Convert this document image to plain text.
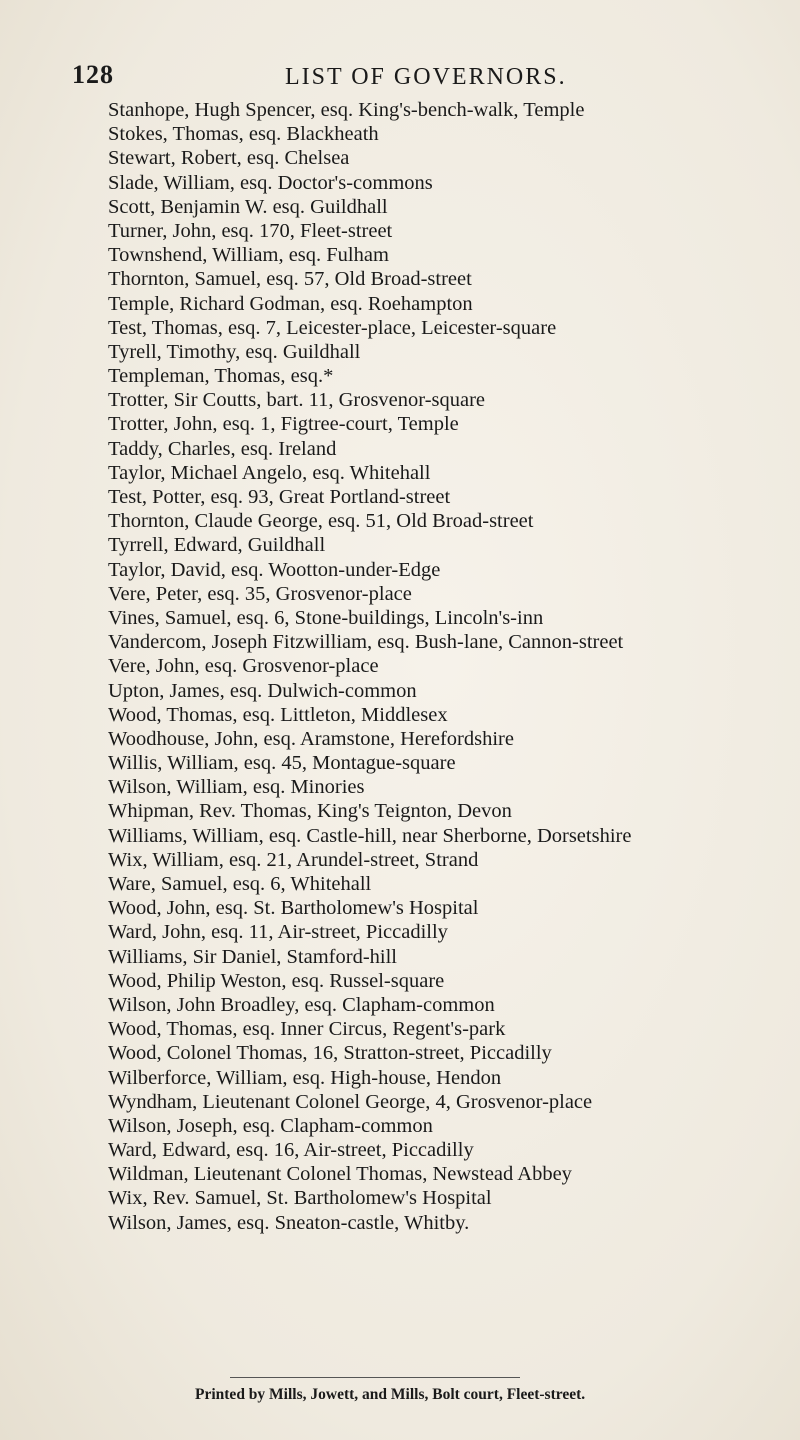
128	LIST OF GOVERNORS.
Stanhope, Hugh Spencer, esq. King's-bench-walk, Temple
Stokes, Thomas, esq. Blackheath
Stewart, Robert, esq. Chelsea
Slade, William, esq. Doctor's-commons
Scott, Benjamin W. esq. Guildhall
Turner, John, esq. 170, Fleet-street
Townshend, William, esq. Fulham
Thornton, Samuel, esq. 57, Old Broad-street
Temple, Richard Godman, esq. Roehampton
Test, Thomas, esq. 7, Leicester-place, Leicester-square
Tyrell, Timothy, esq. Guildhall
Templeman, Thomas, esq.*
Trotter, Sir Coutts, bart. 11, Grosvenor-square
Trotter, John, esq. 1, Figtree-court, Temple
Taddy, Charles, esq. Ireland
Taylor, Michael Angelo, esq. Whitehall
Test, Potter, esq. 93, Great Portland-street
Thornton, Claude George, esq. 51, Old Broad-street
Tyrrell, Edward, Guildhall
Taylor, David, esq. Wootton-under-Edge
Vere, Peter, esq. 35, Grosvenor-place
Vines, Samuel, esq. 6, Stone-buildings, Lincoln's-inn
Vandercom, Joseph Fitzwilliam, esq. Bush-lane, Cannon-street
Vere, John, esq. Grosvenor-place
Upton, James, esq. Dulwich-common
Wood, Thomas, esq. Littleton, Middlesex
Woodhouse, John, esq. Aramstone, Herefordshire
Willis, William, esq. 45, Montague-square
Wilson, William, esq. Minories
Whipman, Rev. Thomas, King's Teignton, Devon
Williams, William, esq. Castle-hill, near Sherborne, Dorsetshire
Wix, William, esq. 21, Arundel-street, Strand
Ware, Samuel, esq. 6, Whitehall
Wood, John, esq. St. Bartholomew's Hospital
Ward, John, esq. 11, Air-street, Piccadilly
Williams, Sir Daniel, Stamford-hill
Wood, Philip Weston, esq. Russel-square
Wilson, John Broadley, esq. Clapham-common
Wood, Thomas, esq. Inner Circus, Regent's-park
Wood, Colonel Thomas, 16, Stratton-street, Piccadilly
Wilberforce, William, esq. High-house, Hendon
Wyndham, Lieutenant Colonel George, 4, Grosvenor-place
Wilson, Joseph, esq. Clapham-common
Ward, Edward, esq. 16, Air-street, Piccadilly
Wildman, Lieutenant Colonel Thomas, Newstead Abbey
Wix, Rev. Samuel, St. Bartholomew's Hospital
Wilson, James, esq. Sneaton-castle, Whitby.
Printed by Mills, Jowett, and Mills, Bolt court, Fleet-street.
